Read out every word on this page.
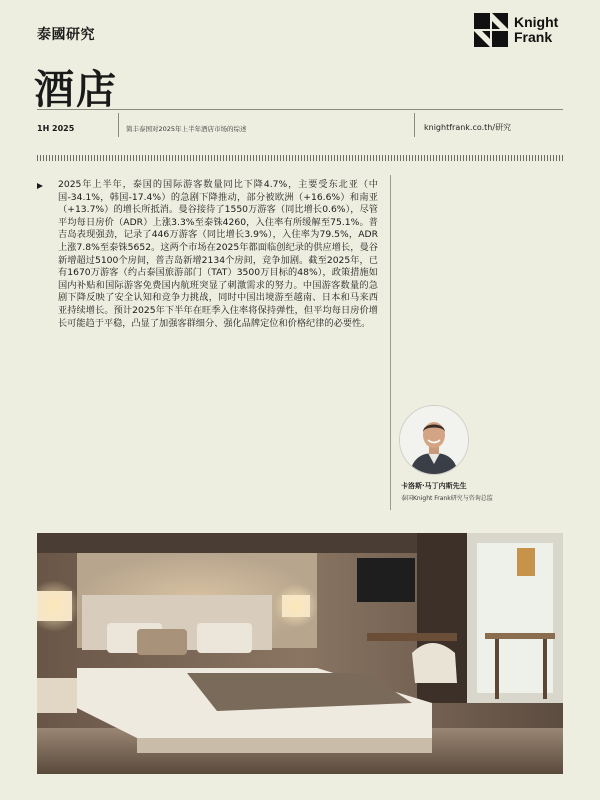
泰國研究
Knight
Frank
酒店
1H 2025	简丰泰国对2025年上半年酒店市场的综述	knightfrank.co.th/研究

2025年上半年，泰国的国际游客数量同比下降4.7%，主要受东北亚（中国-34.1%，韩国-17.4%）的急剧下降推动，部分被欧洲（+16.6%）和南亚（+13.7%）的增长所抵消。曼谷接待了1550万游客（同比增长0.6%），尽管平均每日房价（ADR）上涨3.3%至泰铢4260，入住率有所缓解至75.1%。普吉岛表现强劲，记录了446万游客（同比增长3.9%），入住率为79.5%，ADR上涨7.8%至泰铢5652。这两个市场在2025年都面临创纪录的供应增长，曼谷新增超过5100个房间，普吉岛新增2134个房间，竞争加剧。截至2025年，已有1670万游客（约占泰国旅游部门（TAT）3500万目标的48%），政策措施如国内补贴和国际游客免费国内航班突显了刺激需求的努力。中国游客数量的急剧下降反映了安全认知和竞争力挑战，同时中国出境游至越南、日本和马来西亚持续增长。预计2025年下半年在旺季入住率将保持弹性，但平均每日房价增长可能趋于平稳，凸显了加强客群细分、强化品牌定位和价格纪律的必要性。

卡洛斯·马丁内斯先生
泰国Knight Frank研究与咨询总监
